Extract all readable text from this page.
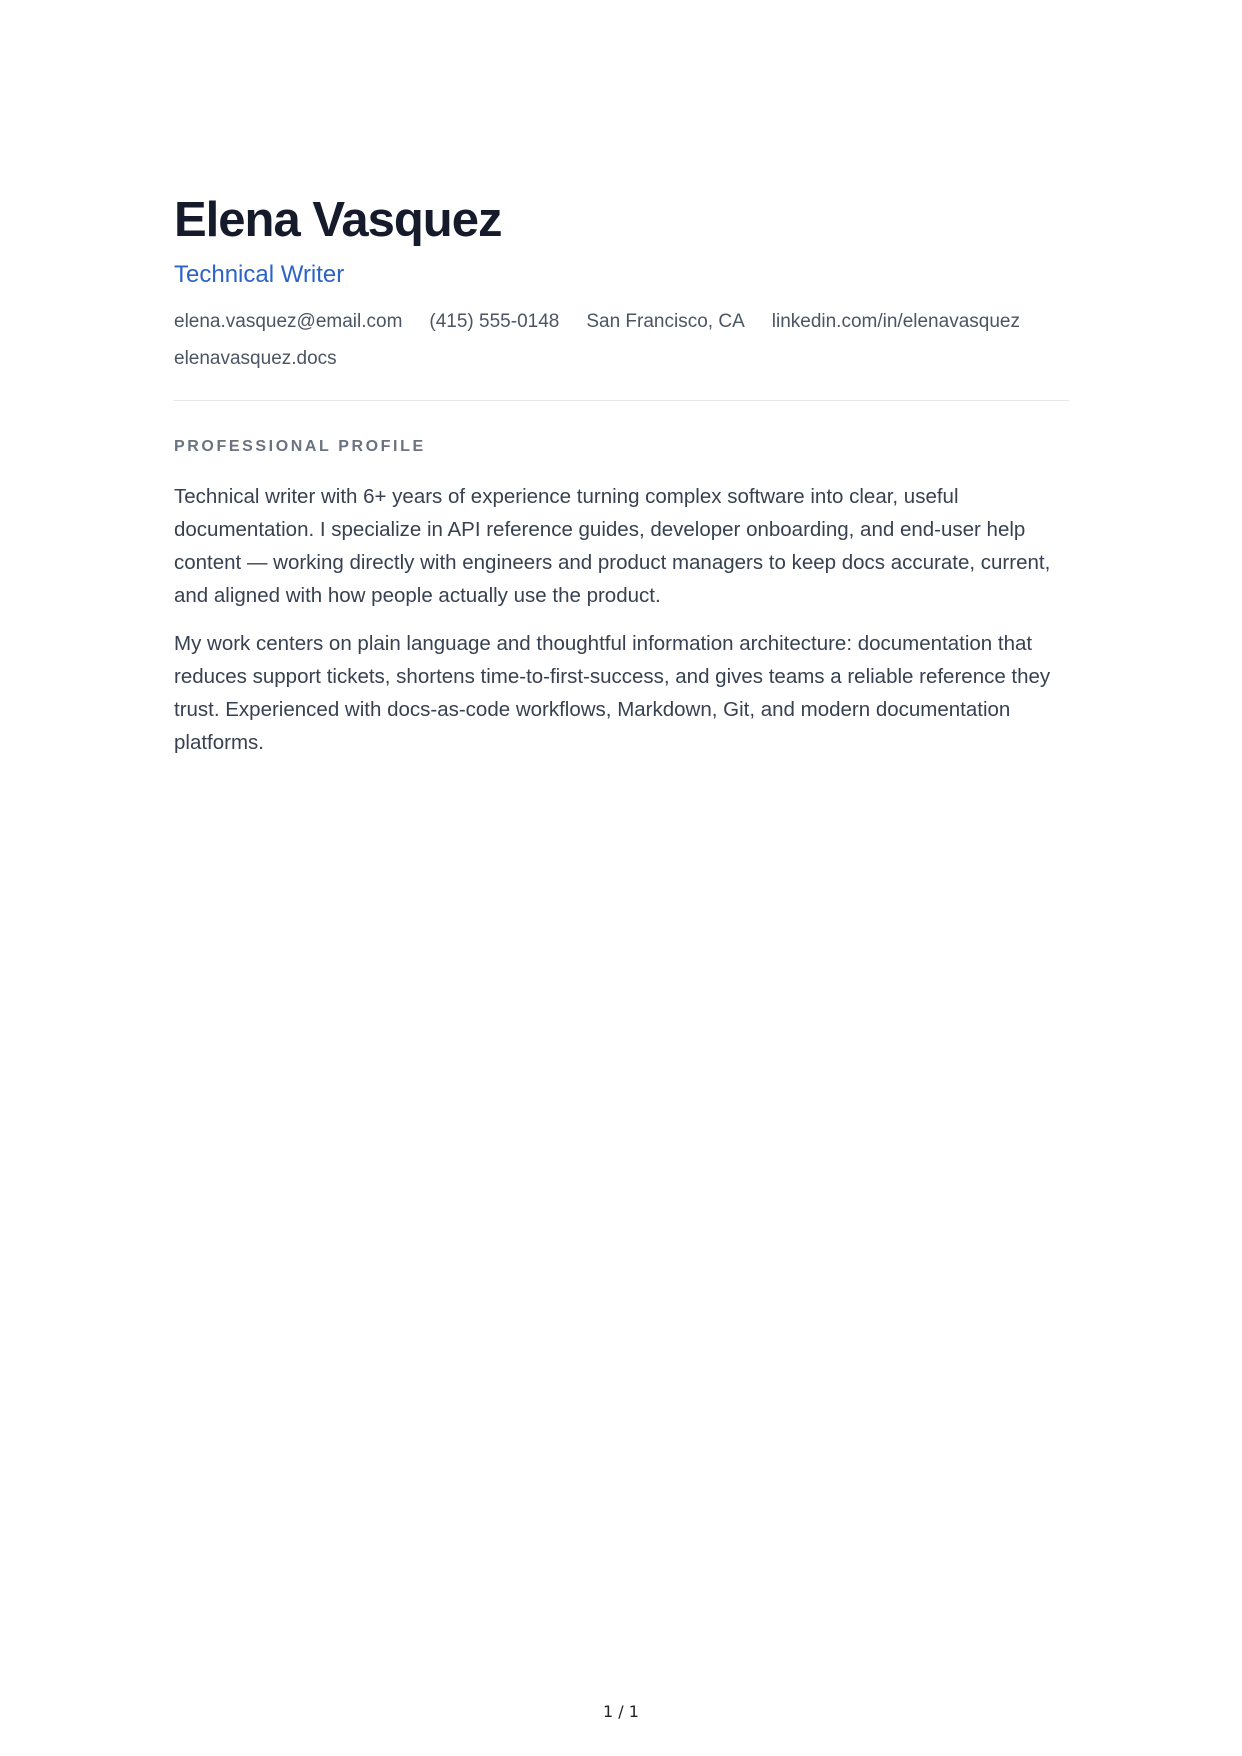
Elena Vasquez
Technical Writer
elena.vasquez@email.com (415) 555-0148 San Francisco, CA linkedin.com/in/elenavasquez
elenavasquez.docs
PROFESSIONAL PROFILE

Technical writer with 6+ years of experience turning complex software into clear, useful documentation. I specialize in API reference guides, developer onboarding, and end-user help content — working directly with engineers and product managers to keep docs accurate, current, and aligned with how people actually use the product.

My work centers on plain language and thoughtful information architecture: documentation that reduces support tickets, shortens time-to-first-success, and gives teams a reliable reference they trust. Experienced with docs-as-code workflows, Markdown, Git, and modern documentation platforms.

1 / 1
